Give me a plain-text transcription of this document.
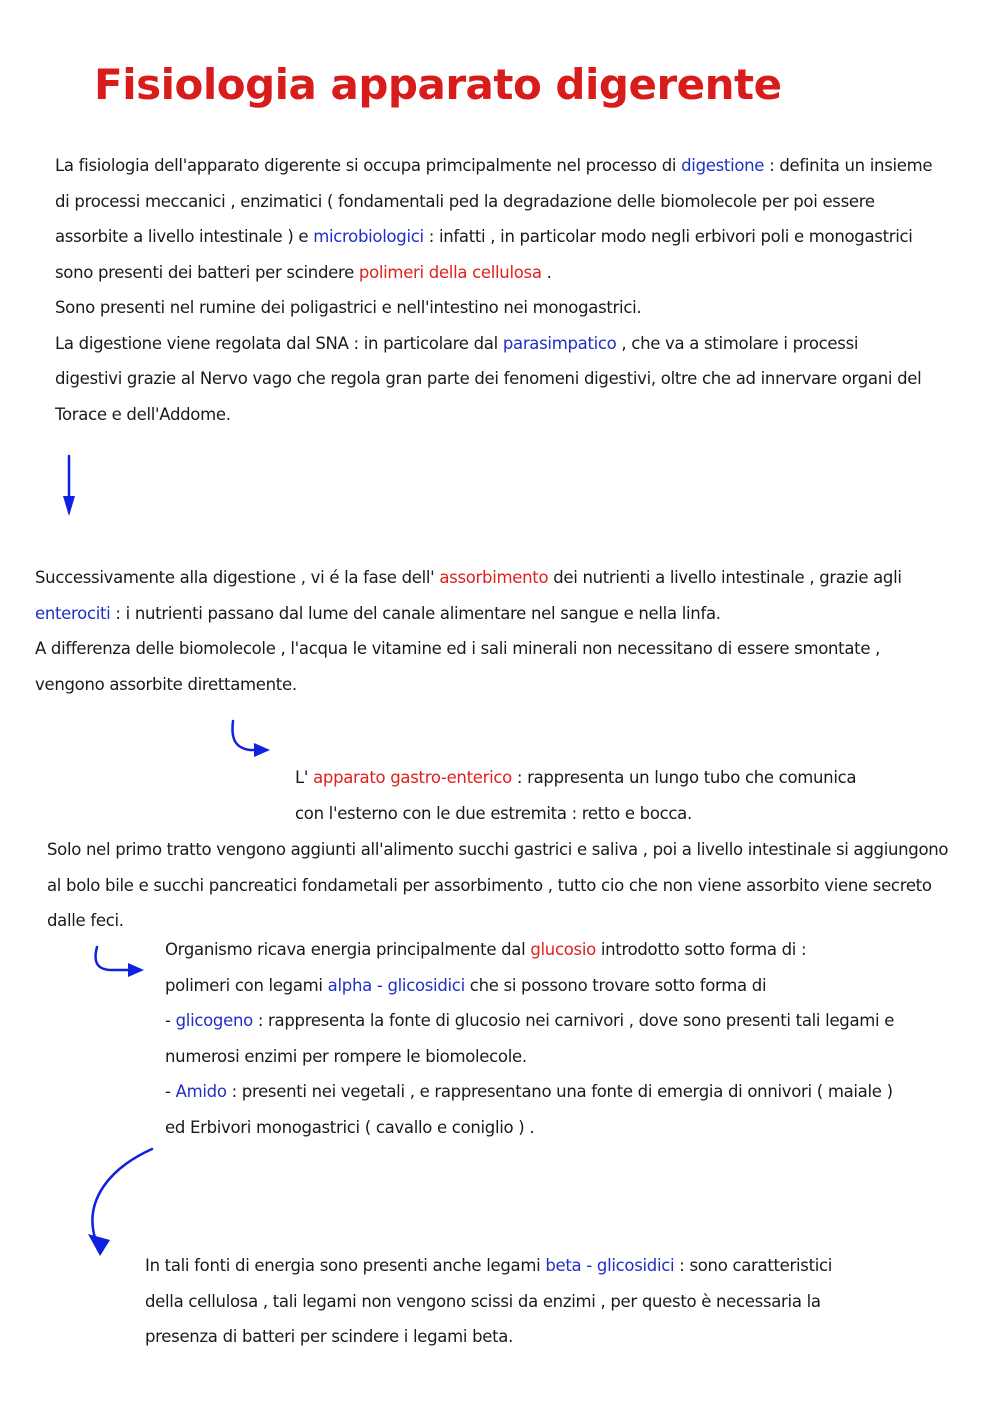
Fisiologia apparato digerente
La fisiologia dell'apparato digerente si occupa primcipalmente nel processo di digestione : definita un insieme
di processi meccanici , enzimatici ( fondamentali ped la degradazione delle biomolecole per poi essere
assorbite a livello intestinale ) e microbiologici : infatti , in particolar modo negli erbivori poli e monogastrici
sono presenti dei batteri per scindere polimeri della cellulosa .
Sono presenti nel rumine dei poligastrici e nell'intestino nei monogastrici.
La digestione viene regolata dal SNA : in particolare dal parasimpatico , che va a stimolare i processi
digestivi grazie al Nervo vago che regola gran parte dei fenomeni digestivi, oltre che ad innervare organi del
Torace e dell'Addome.
Successivamente alla digestione , vi é la fase dell' assorbimento dei nutrienti a livello intestinale , grazie agli
enterociti : i nutrienti passano dal lume del canale alimentare nel sangue e nella linfa.
A differenza delle biomolecole , l'acqua le vitamine ed i sali minerali non necessitano di essere smontate ,
vengono assorbite direttamente.
L' apparato gastro-enterico : rappresenta un lungo tubo che comunica
con l'esterno con le due estremita : retto e bocca.
Solo nel primo tratto vengono aggiunti all'alimento succhi gastrici e saliva , poi a livello intestinale si aggiungono
al bolo bile e succhi pancreatici fondametali per assorbimento , tutto cio che non viene assorbito viene secreto
dalle feci.
Organismo ricava energia principalmente dal glucosio introdotto sotto forma di :
polimeri con legami alpha - glicosidici che si possono trovare sotto forma di
- glicogeno : rappresenta la fonte di glucosio nei carnivori , dove sono presenti tali legami e
numerosi enzimi per rompere le biomolecole.
- Amido : presenti nei vegetali , e rappresentano una fonte di emergia di onnivori ( maiale )
ed Erbivori monogastrici ( cavallo e coniglio ) .
In tali fonti di energia sono presenti anche legami beta - glicosidici : sono caratteristici
della cellulosa , tali legami non vengono scissi da enzimi , per questo è necessaria la
presenza di batteri per scindere i legami beta.
